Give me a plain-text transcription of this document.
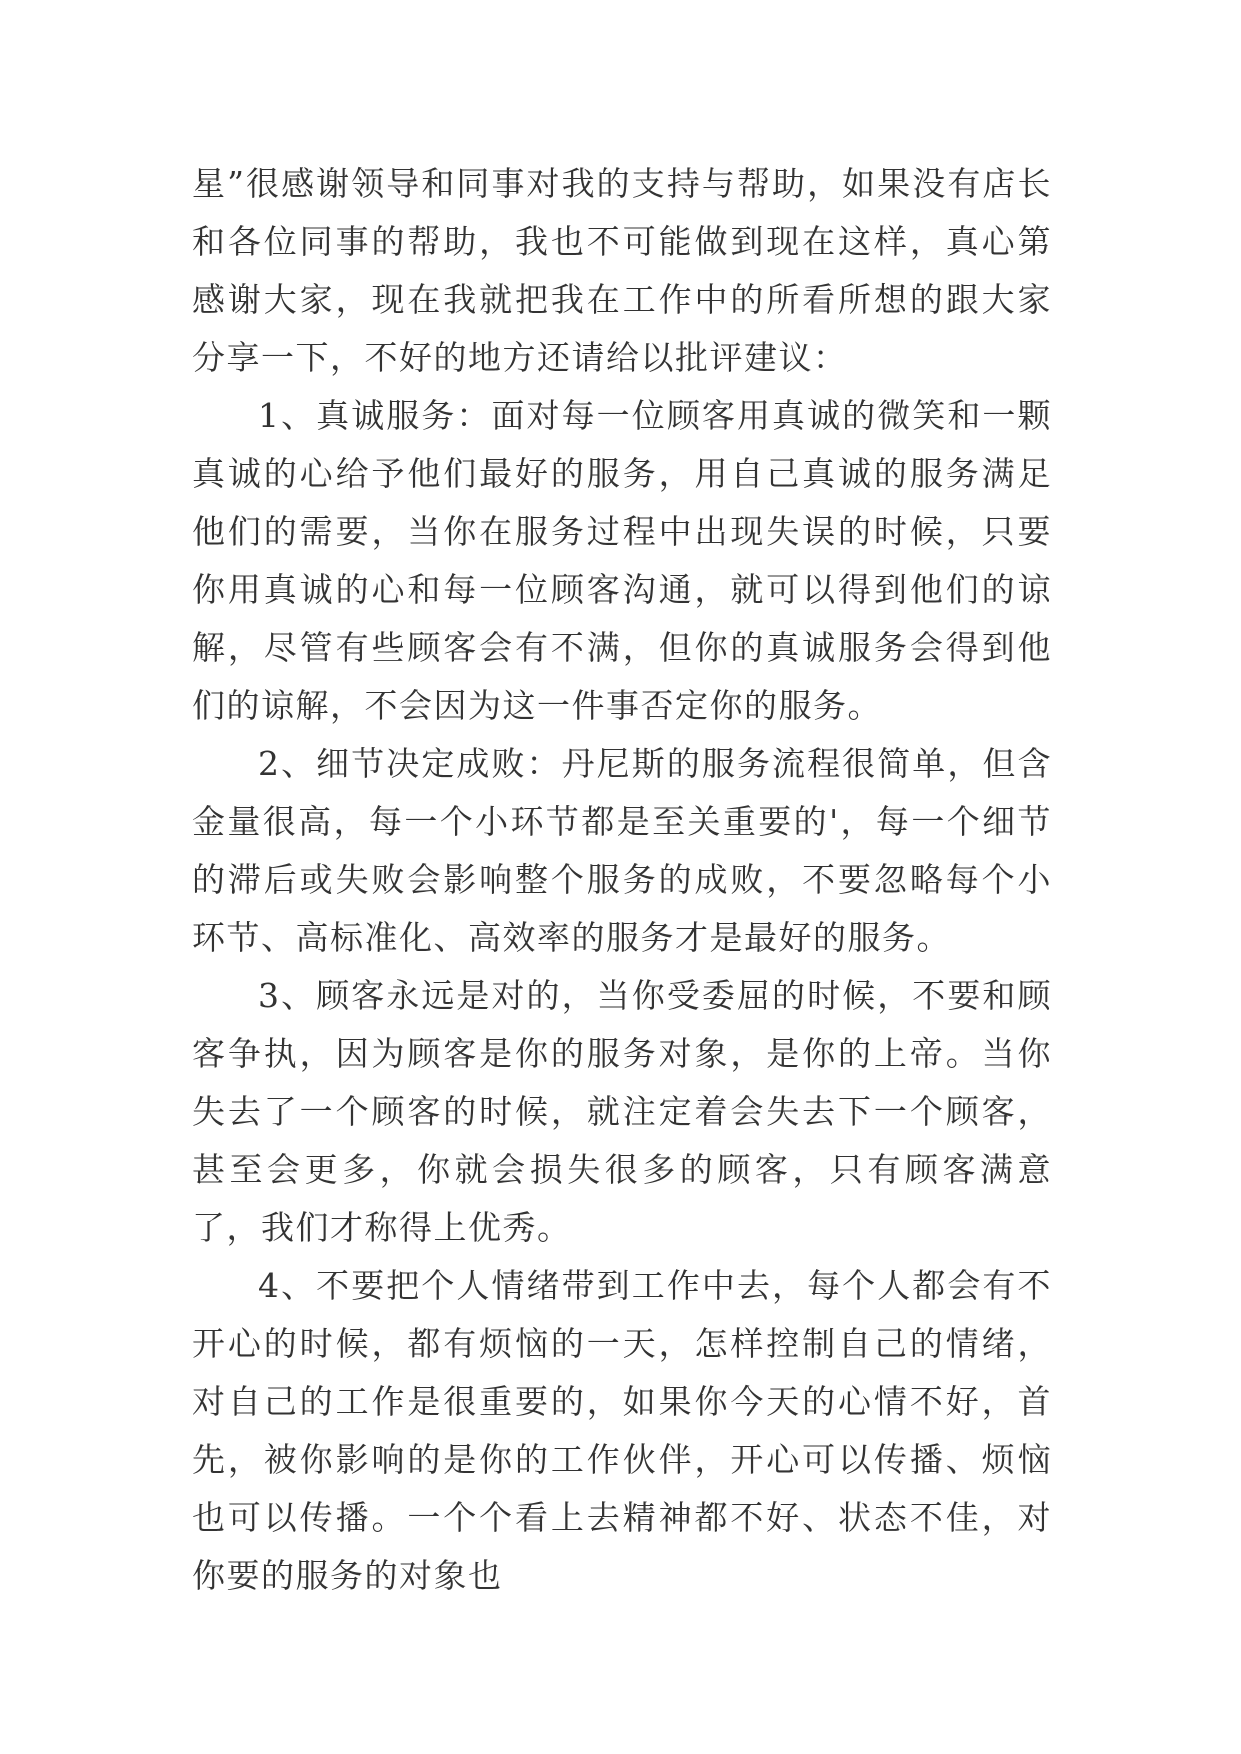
星”很感谢领导和同事对我的支持与帮助，如果没有店长和各位同事的帮助，我也不可能做到现在这样，真心第感谢大家，现在我就把我在工作中的所看所想的跟大家分享一下，不好的地方还请给以批评建议：

1、真诚服务：面对每一位顾客用真诚的微笑和一颗真诚的心给予他们最好的服务，用自己真诚的服务满足他们的需要，当你在服务过程中出现失误的时候，只要你用真诚的心和每一位顾客沟通，就可以得到他们的谅解，尽管有些顾客会有不满，但你的真诚服务会得到他们的谅解，不会因为这一件事否定你的服务。

2、细节决定成败：丹尼斯的服务流程很简单，但含金量很高，每一个小环节都是至关重要的'，每一个细节的滞后或失败会影响整个服务的成败，不要忽略每个小环节、高标准化、高效率的服务才是最好的服务。

3、顾客永远是对的，当你受委屈的时候，不要和顾客争执，因为顾客是你的服务对象，是你的上帝。当你失去了一个顾客的时候，就注定着会失去下一个顾客，甚至会更多，你就会损失很多的顾客，只有顾客满意了，我们才称得上优秀。

4、不要把个人情绪带到工作中去，每个人都会有不开心的时候，都有烦恼的一天，怎样控制自己的情绪，对自己的工作是很重要的，如果你今天的心情不好，首先，被你影响的是你的工作伙伴，开心可以传播、烦恼也可以传播。一个个看上去精神都不好、状态不佳，对你要的服务的对象也
